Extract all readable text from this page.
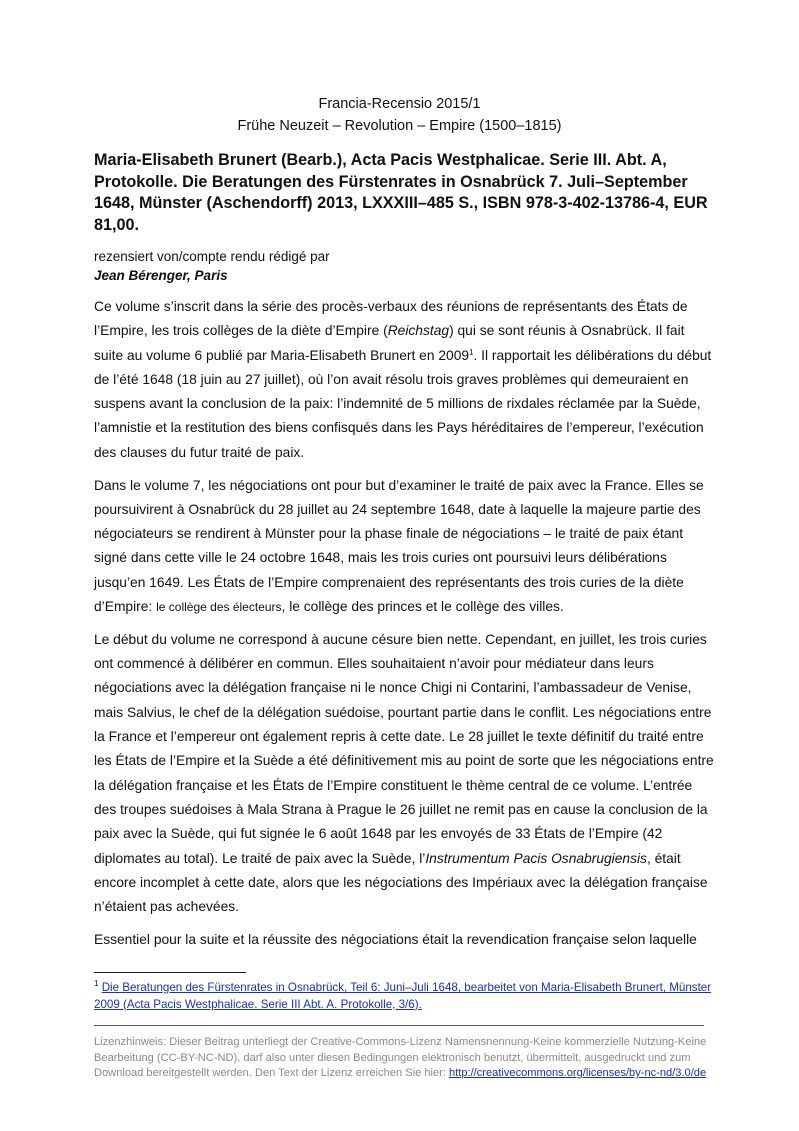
Francia-Recensio 2015/1
Frühe Neuzeit – Revolution – Empire (1500–1815)
Maria-Elisabeth Brunert (Bearb.), Acta Pacis Westphalicae. Serie III. Abt. A, Protokolle. Die Beratungen des Fürstenrates in Osnabrück 7. Juli–September 1648, Münster (Aschendorff) 2013, LXXXIII–485 S., ISBN 978-3-402-13786-4, EUR 81,00.
rezensiert von/compte rendu rédigé par
Jean Bérenger, Paris

Ce volume s’inscrit dans la série des procès-verbaux des réunions de représentants des États de l’Empire, les trois collèges de la diète d’Empire (Reichstag) qui se sont réunis à Osnabrück. Il fait suite au volume 6 publié par Maria-Elisabeth Brunert en 2009$^1$. Il rapportait les délibérations du début de l’été 1648 (18 juin au 27 juillet), où l’on avait résolu trois graves problèmes qui demeuraient en suspens avant la conclusion de la paix: l’indemnité de 5 millions de rixdales réclamée par la Suède, l’amnistie et la restitution des biens confisqués dans les Pays héréditaires de l’empereur, l’exécution des clauses du futur traité de paix.

Dans le volume 7, les négociations ont pour but d’examiner le traité de paix avec la France. Elles se poursuivirent à Osnabrück du 28 juillet au 24 septembre 1648, date à laquelle la majeure partie des négociateurs se rendirent à Münster pour la phase finale de négociations – le traité de paix étant signé dans cette ville le 24 octobre 1648, mais les trois curies ont poursuivi leurs délibérations jusqu’en 1649. Les États de l’Empire comprenaient des représentants des trois curies de la diète d’Empire: le collège des électeurs, le collège des princes et le collège des villes.

Le début du volume ne correspond à aucune césure bien nette. Cependant, en juillet, les trois curies ont commencé à délibérer en commun. Elles souhaitaient n’avoir pour médiateur dans leurs négociations avec la délégation française ni le nonce Chigi ni Contarini, l’ambassadeur de Venise, mais Salvius, le chef de la délégation suédoise, pourtant partie dans le conflit. Les négociations entre la France et l’empereur ont également repris à cette date. Le 28 juillet le texte définitif du traité entre les États de l’Empire et la Suède a été définitivement mis au point de sorte que les négociations entre la délégation française et les États de l’Empire constituent le thème central de ce volume. L’entrée des troupes suédoises à Mala Strana à Prague le 26 juillet ne remit pas en cause la conclusion de la paix avec la Suède, qui fut signée le 6 août 1648 par les envoyés de 33 États de l’Empire (42 diplomates au total). Le traité de paix avec la Suède, l’Instrumentum Pacis Osnabrugiensis, était encore incomplet à cette date, alors que les négociations des Impériaux avec la délégation française n’étaient pas achevées.

Essentiel pour la suite et la réussite des négociations était la revendication française selon laquelle

$^1$ Die Beratungen des Fürstenrates in Osnabrück, Teil 6: Juni–Juli 1648, bearbeitet von Maria-Elisabeth Brunert, Münster 2009 (Acta Pacis Westphalicae. Serie III Abt. A. Protokolle, 3/6).
Lizenzhinweis: Dieser Beitrag unterliegt der Creative-Commons-Lizenz Namensnennung-Keine kommerzielle Nutzung-Keine Bearbeitung (CC-BY-NC-ND), darf also unter diesen Bedingungen elektronisch benutzt, übermittelt, ausgedruckt und zum Download bereitgestellt werden. Den Text der Lizenz erreichen Sie hier: http://creativecommons.org/licenses/by-nc-nd/3.0/de
